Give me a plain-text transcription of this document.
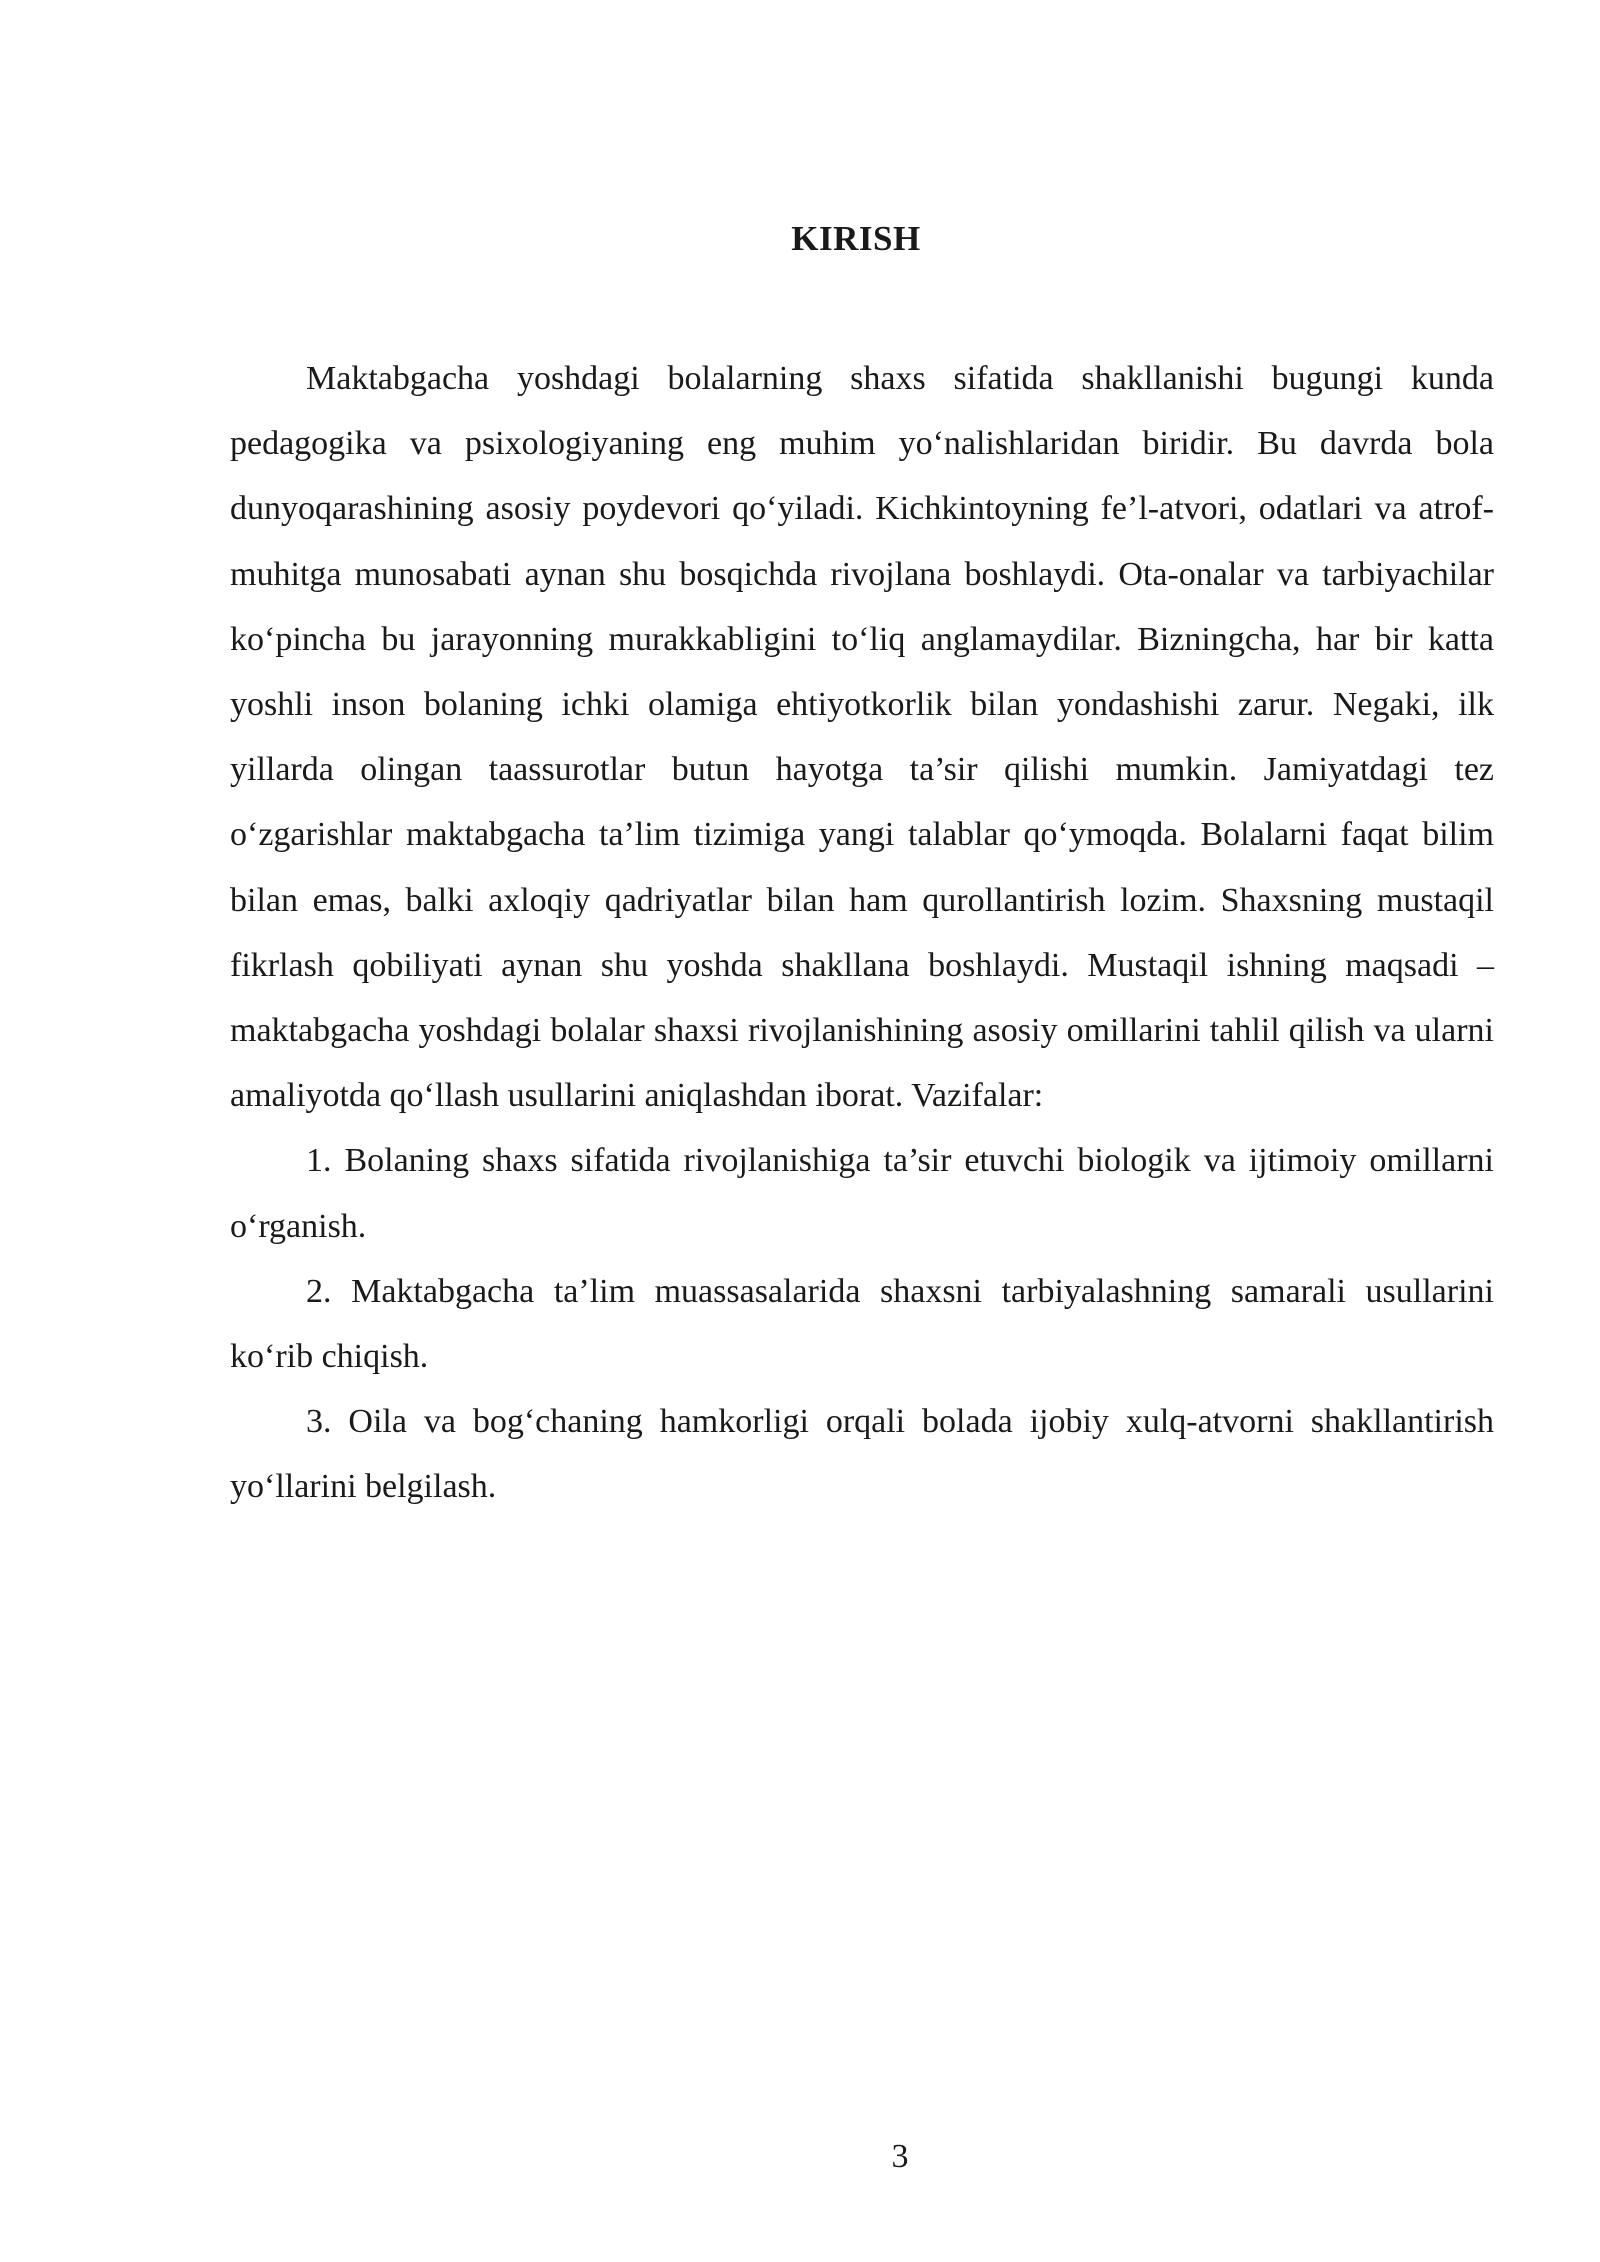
KIRISH

Maktabgacha yoshdagi bolalarning shaxs sifatida shakllanishi bugungi kunda pedagogika va psixologiyaning eng muhim yo‘nalishlaridan biridir. Bu davrda bola dunyoqarashining asosiy poydevori qo‘yiladi. Kichkintoyning fe’l-atvori, odatlari va atrof-muhitga munosabati aynan shu bosqichda rivojlana boshlaydi. Ota-onalar va tarbiyachilar ko‘pincha bu jarayonning murakkabligini to‘liq anglamaydilar. Bizningcha, har bir katta yoshli inson bolaning ichki olamiga ehtiyotkorlik bilan yondashishi zarur. Negaki, ilk yillarda olingan taassurotlar butun hayotga ta’sir qilishi mumkin. Jamiyatdagi tez o‘zgarishlar maktabgacha ta’lim tizimiga yangi talablar qo‘ymoqda. Bolalarni faqat bilim bilan emas, balki axloqiy qadriyatlar bilan ham qurollantirish lozim. Shaxsning mustaqil fikrlash qobiliyati aynan shu yoshda shakllana boshlaydi. Mustaqil ishning maqsadi – maktabgacha yoshdagi bolalar shaxsi rivojlanishining asosiy omillarini tahlil qilish va ularni amaliyotda qo‘llash usullarini aniqlashdan iborat. Vazifalar:

1. Bolaning shaxs sifatida rivojlanishiga ta’sir etuvchi biologik va ijtimoiy omillarni o‘rganish.

2. Maktabgacha ta’lim muassasalarida shaxsni tarbiyalashning samarali usullarini ko‘rib chiqish.

3. Oila va bog‘chaning hamkorligi orqali bolada ijobiy xulq-atvorni shakllantirish yo‘llarini belgilash.

3
